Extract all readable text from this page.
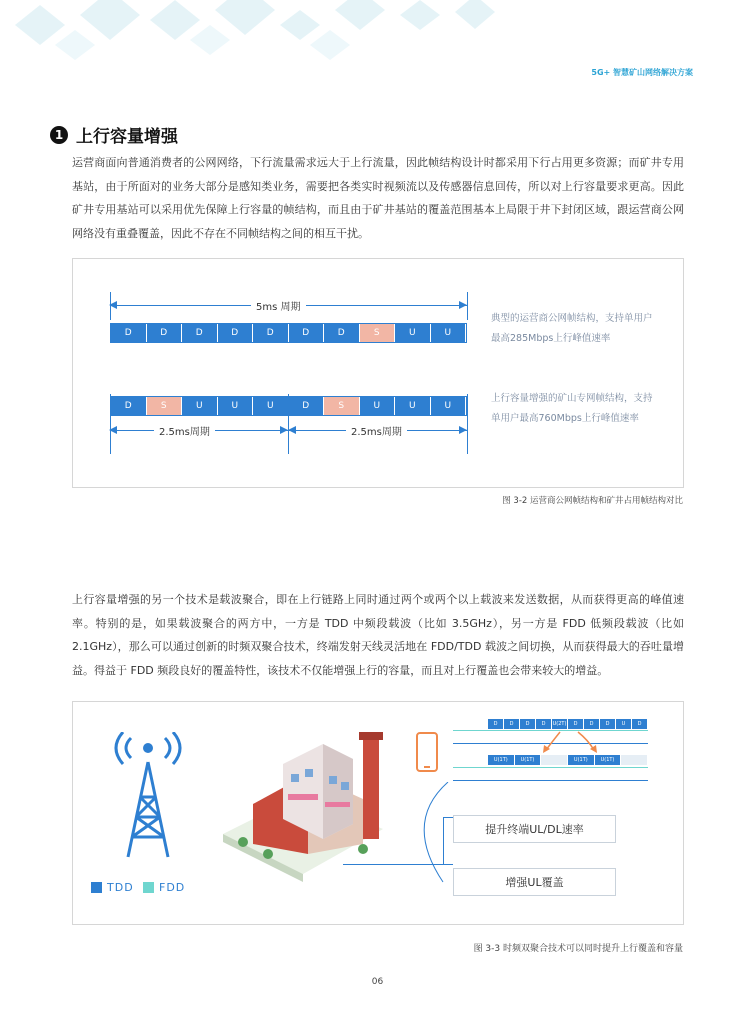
5G+ 智慧矿山网络解决方案
1 上行容量增强

运营商面向普通消费者的公网网络，下行流量需求远大于上行流量，因此帧结构设计时都采用下行占用更多资源；而矿井专用基站，由于所面对的业务大部分是感知类业务，需要把各类实时视频流以及传感器信息回传，所以对上行容量要求更高。因此矿井专用基站可以采用优先保障上行容量的帧结构，而且由于矿井基站的覆盖范围基本上局限于井下封闭区域，跟运营商公网网络没有重叠覆盖，因此不存在不同帧结构之间的相互干扰。

5ms 周期
D	D	D	D	D	D	D	S	U	U
典型的运营商公网帧结构，支持单用户最高285Mbps上行峰值速率
D	S	U	U	U	D	S	U	U	U
2.5ms周期	2.5ms周期
上行容量增强的矿山专网帧结构，支持单用户最高760Mbps上行峰值速率
图 3-2 运营商公网帧结构和矿井占用帧结构对比

上行容量增强的另一个技术是载波聚合，即在上行链路上同时通过两个或两个以上载波来发送数据，从而获得更高的峰值速率。特别的是，如果载波聚合的两方中，一方是 TDD 中频段载波（比如 3.5GHz），另一方是 FDD 低频段载波（比如 2.1GHz），那么可以通过创新的时频双聚合技术，终端发射天线灵活地在 FDD/TDD 载波之间切换，从而获得最大的吞吐量增益。得益于 FDD 频段良好的覆盖特性，该技术不仅能增强上行的容量，而且对上行覆盖也会带来较大的增益。

D	D	D	D	U(2T)	D	D	D	U	D
U(1T)	U(1T)	U(1T)	U(1T)
提升终端UL/DL速率
增强UL覆盖
TDD FDD
图 3-3 时频双聚合技术可以同时提升上行覆盖和容量
06
